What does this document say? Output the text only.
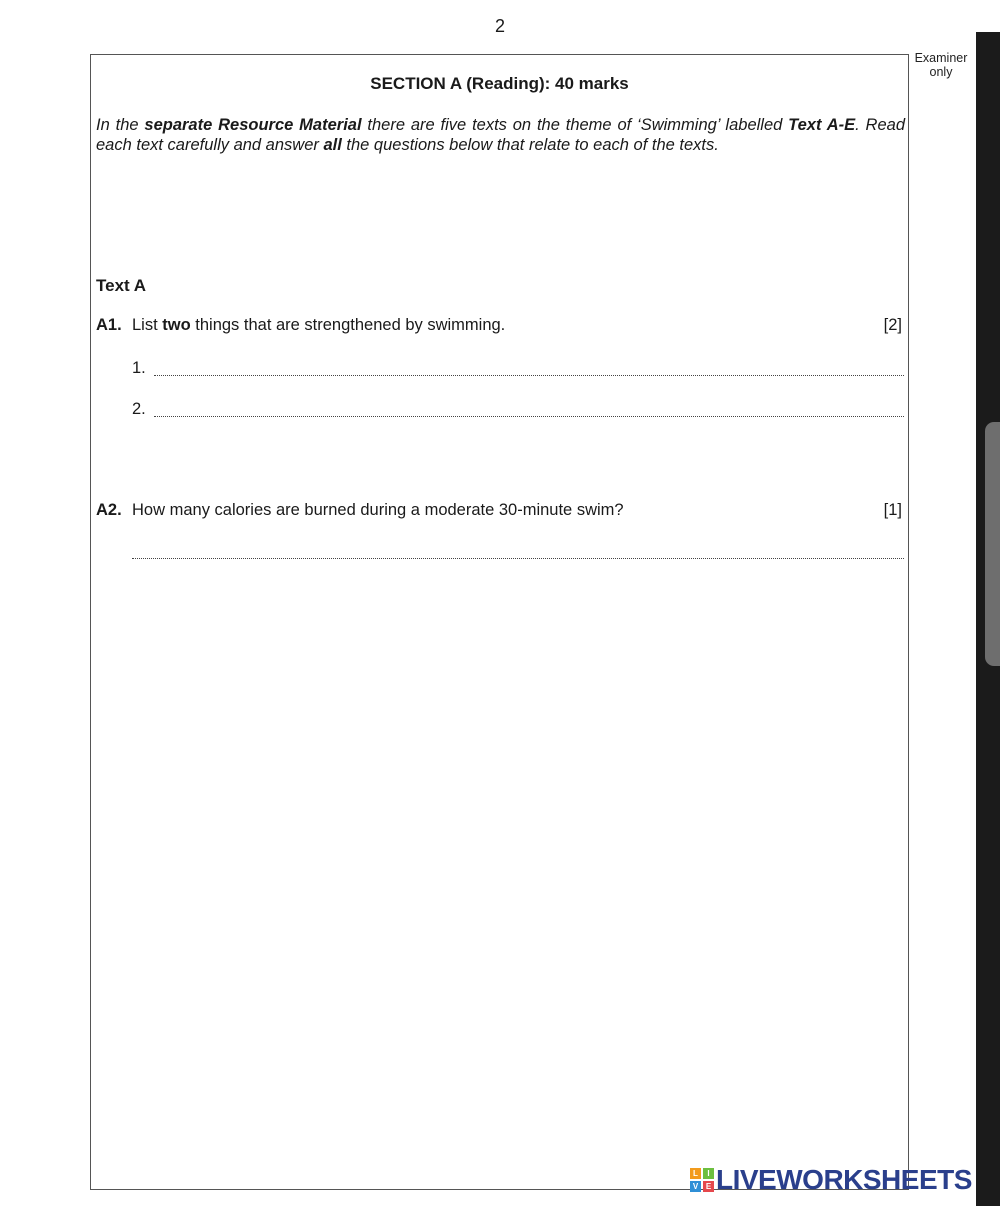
2
Examiner
only
SECTION A (Reading): 40 marks
In the separate Resource Material there are five texts on the theme of ‘Swimming’ labelled Text A-E. Read each text carefully and answer all the questions below that relate to each of the texts.
Text A
A1. List two things that are strengthened by swimming.	[2]
1.
2.
A2. How many calories are burned during a moderate 30-minute swim?	[1]
L	I
V E LIVEWORKSHEETS
